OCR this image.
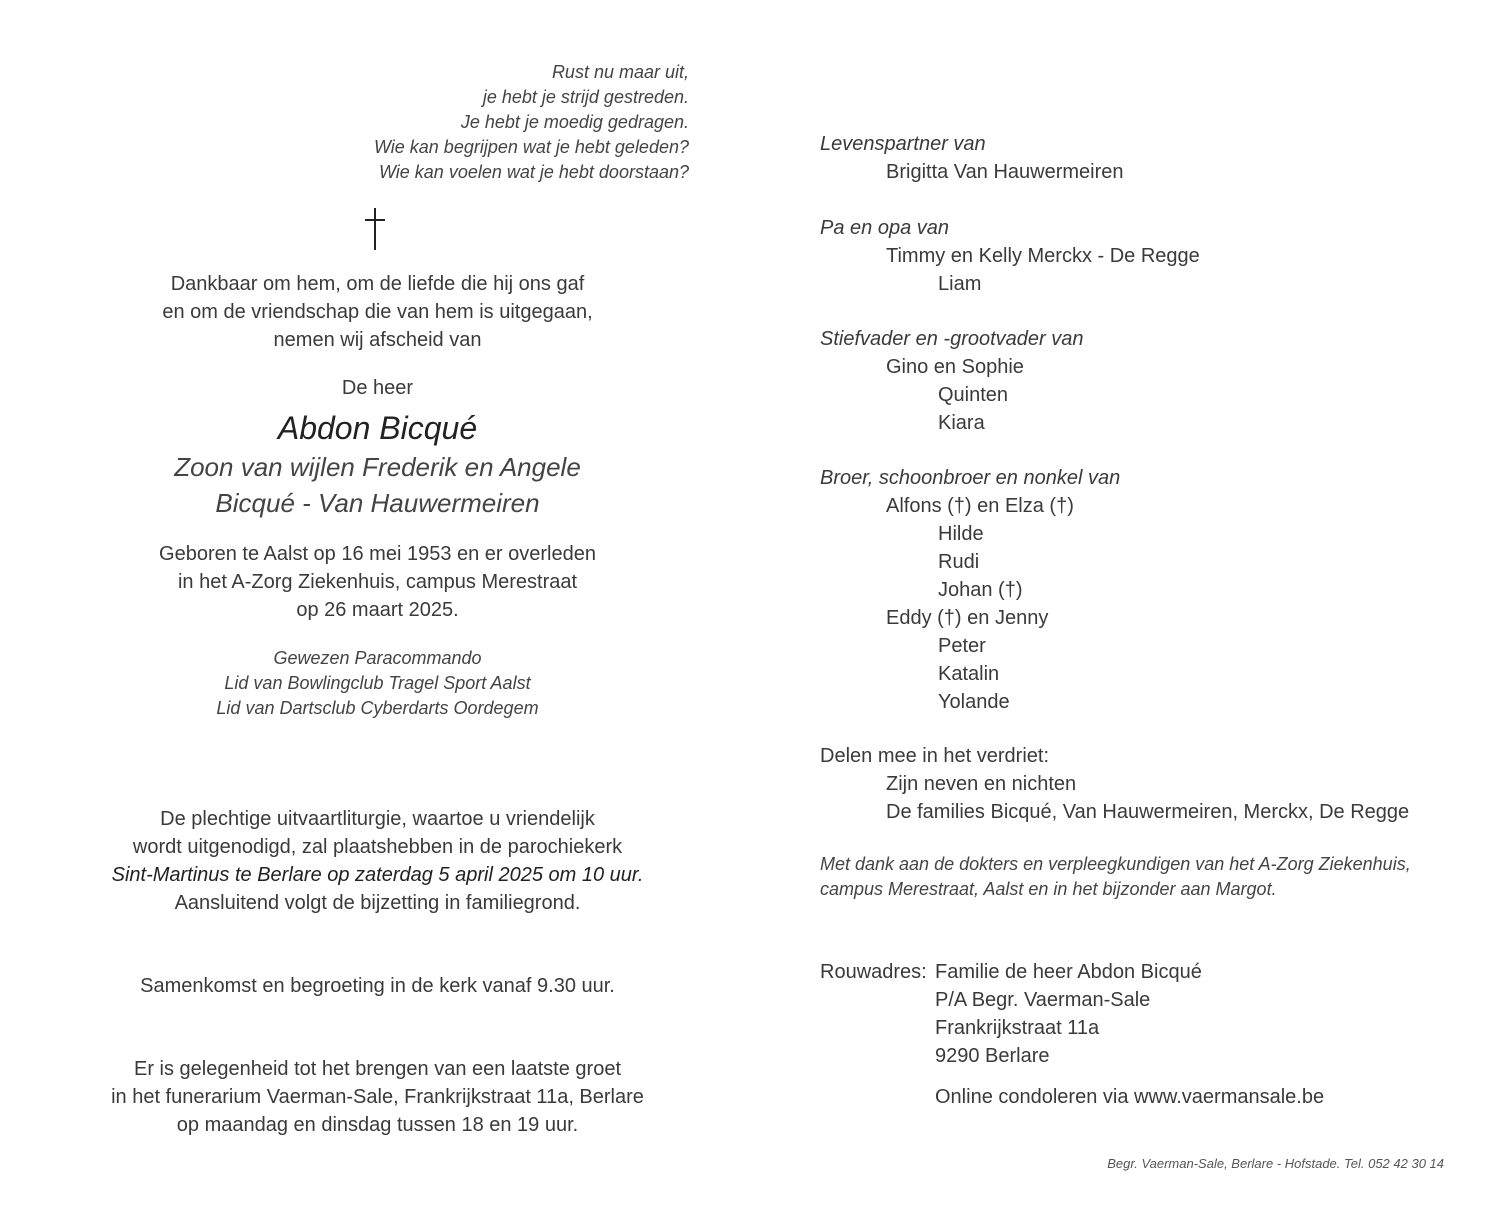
Rust nu maar uit,
je hebt je strijd gestreden.
Je hebt je moedig gedragen.
Wie kan begrijpen wat je hebt geleden?
Wie kan voelen wat je hebt doorstaan?
Dankbaar om hem, om de liefde die hij ons gaf
en om de vriendschap die van hem is uitgegaan,
nemen wij afscheid van
De heer
Abdon Bicqué
Zoon van wijlen Frederik en Angele
Bicqué - Van Hauwermeiren
Geboren te Aalst op 16 mei 1953 en er overleden
in het A-Zorg Ziekenhuis, campus Merestraat
op 26 maart 2025.
Gewezen Paracommando
Lid van Bowlingclub Tragel Sport Aalst
Lid van Dartsclub Cyberdarts Oordegem
De plechtige uitvaartliturgie, waartoe u vriendelijk
wordt uitgenodigd, zal plaatshebben in de parochiekerk
Sint-Martinus te Berlare op zaterdag 5 april 2025 om 10 uur.
Aansluitend volgt de bijzetting in familiegrond.
Samenkomst en begroeting in de kerk vanaf 9.30 uur.
Er is gelegenheid tot het brengen van een laatste groet
in het funerarium Vaerman-Sale, Frankrijkstraat 11a, Berlare
op maandag en dinsdag tussen 18 en 19 uur.
Levenspartner van
Brigitta Van Hauwermeiren
Pa en opa van
Timmy en Kelly Merckx - De Regge
Liam
Stiefvader en -grootvader van
Gino en Sophie
Quinten
Kiara
Broer, schoonbroer en nonkel van
Alfons (†) en Elza (†)
Hilde
Rudi
Johan (†)
Eddy (†) en Jenny
Peter
Katalin
Yolande
Delen mee in het verdriet:
Zijn neven en nichten
De families Bicqué, Van Hauwermeiren, Merckx, De Regge
Met dank aan de dokters en verpleegkundigen van het A-Zorg Ziekenhuis,
campus Merestraat, Aalst en in het bijzonder aan Margot.
Rouwadres: Familie de heer Abdon Bicqué
P/A Begr. Vaerman-Sale
Frankrijkstraat 11a
9290 Berlare
Online condoleren via www.vaermansale.be
Begr. Vaerman-Sale, Berlare - Hofstade. Tel. 052 42 30 14
